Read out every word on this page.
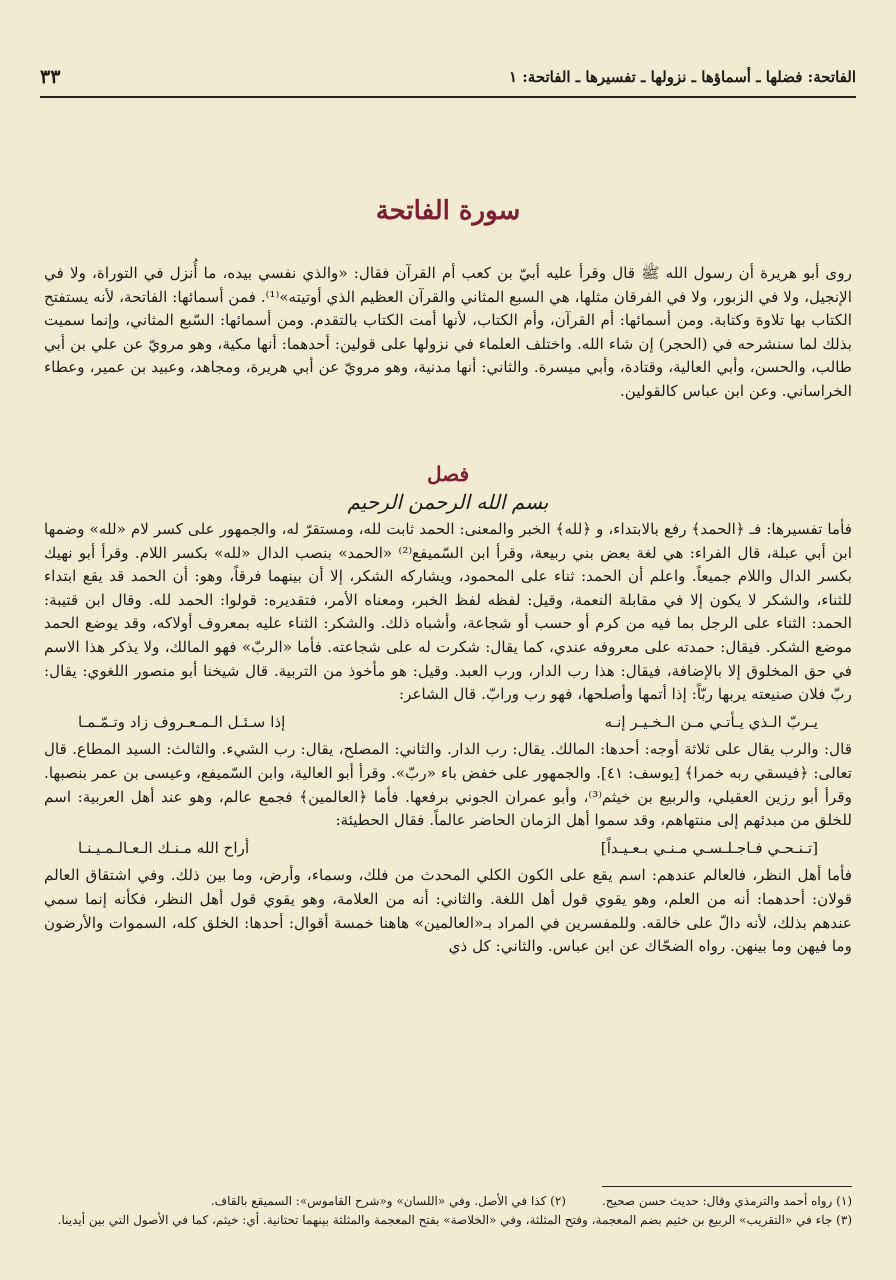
الفاتحة: فضلها ـ أسماؤها ـ نزولها ـ تفسيرها ـ الفاتحة: ١
٣٣
سورة الفاتحة

روى أبو هريرة أن رسول الله ﷺ قال وقرأ عليه أبيّ بن كعب أم القرآن فقال: «والذي نفسي بيده، ما أُنزل في التوراة، ولا في الإنجيل، ولا في الزبور، ولا في الفرقان مثلها، هي السبع المثاني والقرآن العظيم الذي أوتيته»⁽¹⁾. فمن أسمائها: الفاتحة، لأنه يستفتح الكتاب بها تلاوة وكتابة. ومن أسمائها: أم القرآن، وأم الكتاب، لأنها أمت الكتاب بالتقدم. ومن أسمائها: السّبع المثاني، وإنما سميت بذلك لما سنشرحه في (الحجر) إن شاء الله. واختلف العلماء في نزولها على قولين: أحدهما: أنها مكية، وهو مرويّ عن علي بن أبي طالب، والحسن، وأبي العالية، وقتادة، وأبي ميسرة. والثاني: أنها مدنية، وهو مرويّ عن أبي هريرة، ومجاهد، وعبيد بن عمير، وعطاء الخراساني. وعن ابن عباس كالقولين.

فصل
بسم الله الرحمن الرحيم

فأما تفسيرها: فـ ﴿الحمد﴾ رفع بالابتداء، و ﴿لله﴾ الخبر والمعنى: الحمد ثابت لله، ومستقرّ له، والجمهور على كسر لام «لله» وضمها ابن أبي عبلة، قال الفراء: هي لغة بعض بني ربيعة، وقرأ ابن السّميفع⁽²⁾ «الحمد» بنصب الدال «لله» بكسر اللام. وقرأ أبو نهيك بكسر الدال واللام جميعاً. واعلم أن الحمد: ثناء على المحمود، ويشاركه الشكر، إلا أن بينهما فرقاً، وهو: أن الحمد قد يقع ابتداء للثناء، والشكر لا يكون إلا في مقابلة النعمة، وقيل: لفظه لفظ الخبر، ومعناه الأمر، فتقديره: قولوا: الحمد لله. وقال ابن قتيبة: الحمد: الثناء على الرجل بما فيه من كرم أو حسب أو شجاعة، وأشباه ذلك. والشكر: الثناء عليه بمعروف أولاكه، وقد يوضع الحمد موضع الشكر. فيقال: حمدته على معروفه عندي، كما يقال: شكرت له على شجاعته. فأما «الربّ» فهو المالك، ولا يذكر هذا الاسم في حق المخلوق إلا بالإضافة، فيقال: هذا رب الدار، ورب العبد. وقيل: هو مأخوذ من التربية. قال شيخنا أبو منصور اللغوي: يقال: ربّ فلان صنيعته يربها ربّاً: إذا أتمها وأصلحها، فهو رب ورابّ. قال الشاعر:

يـربّ الـذي يـأتـي مـن الـخـيـر إنـه
إذا سـئـل الـمـعـروف زاد وتـمّـمـا

قال: والرب يقال على ثلاثة أوجه: أحدها: المالك. يقال: رب الدار. والثاني: المصلح، يقال: رب الشيء. والثالث: السيد المطاع. قال تعالى: ﴿فيسقي ربه خمرا﴾ [يوسف: ٤١]. والجمهور على خفض باء «ربّ». وقرأ أبو العالية، وابن السّميفع، وعيسى بن عمر بنصبها. وقرأ أبو رزين العقيلي، والربيع بن خيثم⁽³⁾، وأبو عمران الجوني برفعها. فأما ﴿العالمين﴾ فجمع عالم، وهو عند أهل العربية: اسم للخلق من مبدئهم إلى منتهاهم، وقد سموا أهل الزمان الحاضر عالماً. فقال الحطيئة:

[تـنـحـي فـاجـلـسـي مـنـي بـعـيـداً]
أراح الله مـنـك الـعـالـمـيـنـا

فأما أهل النظر، فالعالم عندهم: اسم يقع على الكون الكلي المحدث من فلك، وسماء، وأرض، وما بين ذلك. وفي اشتقاق العالم قولان: أحدهما: أنه من العلم، وهو يقوي قول أهل اللغة. والثاني: أنه من العلامة، وهو يقوي قول أهل النظر، فكأنه إنما سمي عندهم بذلك، لأنه دالّ على خالقه. وللمفسرين في المراد بـ«العالمين» هاهنا خمسة أقوال: أحدها: الخلق كله، السموات والأرضون وما فيهن وما بينهن. رواه الضحّاك عن ابن عباس. والثاني: كل ذي

(١) رواه أحمد والترمذي وقال: حديث حسن صحيح.
(٢) كذا في الأصل. وفي «اللسان» و«شرح القاموس»: السميقع بالقاف.

(٣) جاء في «التقريب» الربيع بن خثيم بضم المعجمة، وفتح المثلثة، وفي «الخلاصة» بفتح المعجمة والمثلثة بينهما تحتانية. أي: خيثم، كما في الأصول التي بين أيدينا.
